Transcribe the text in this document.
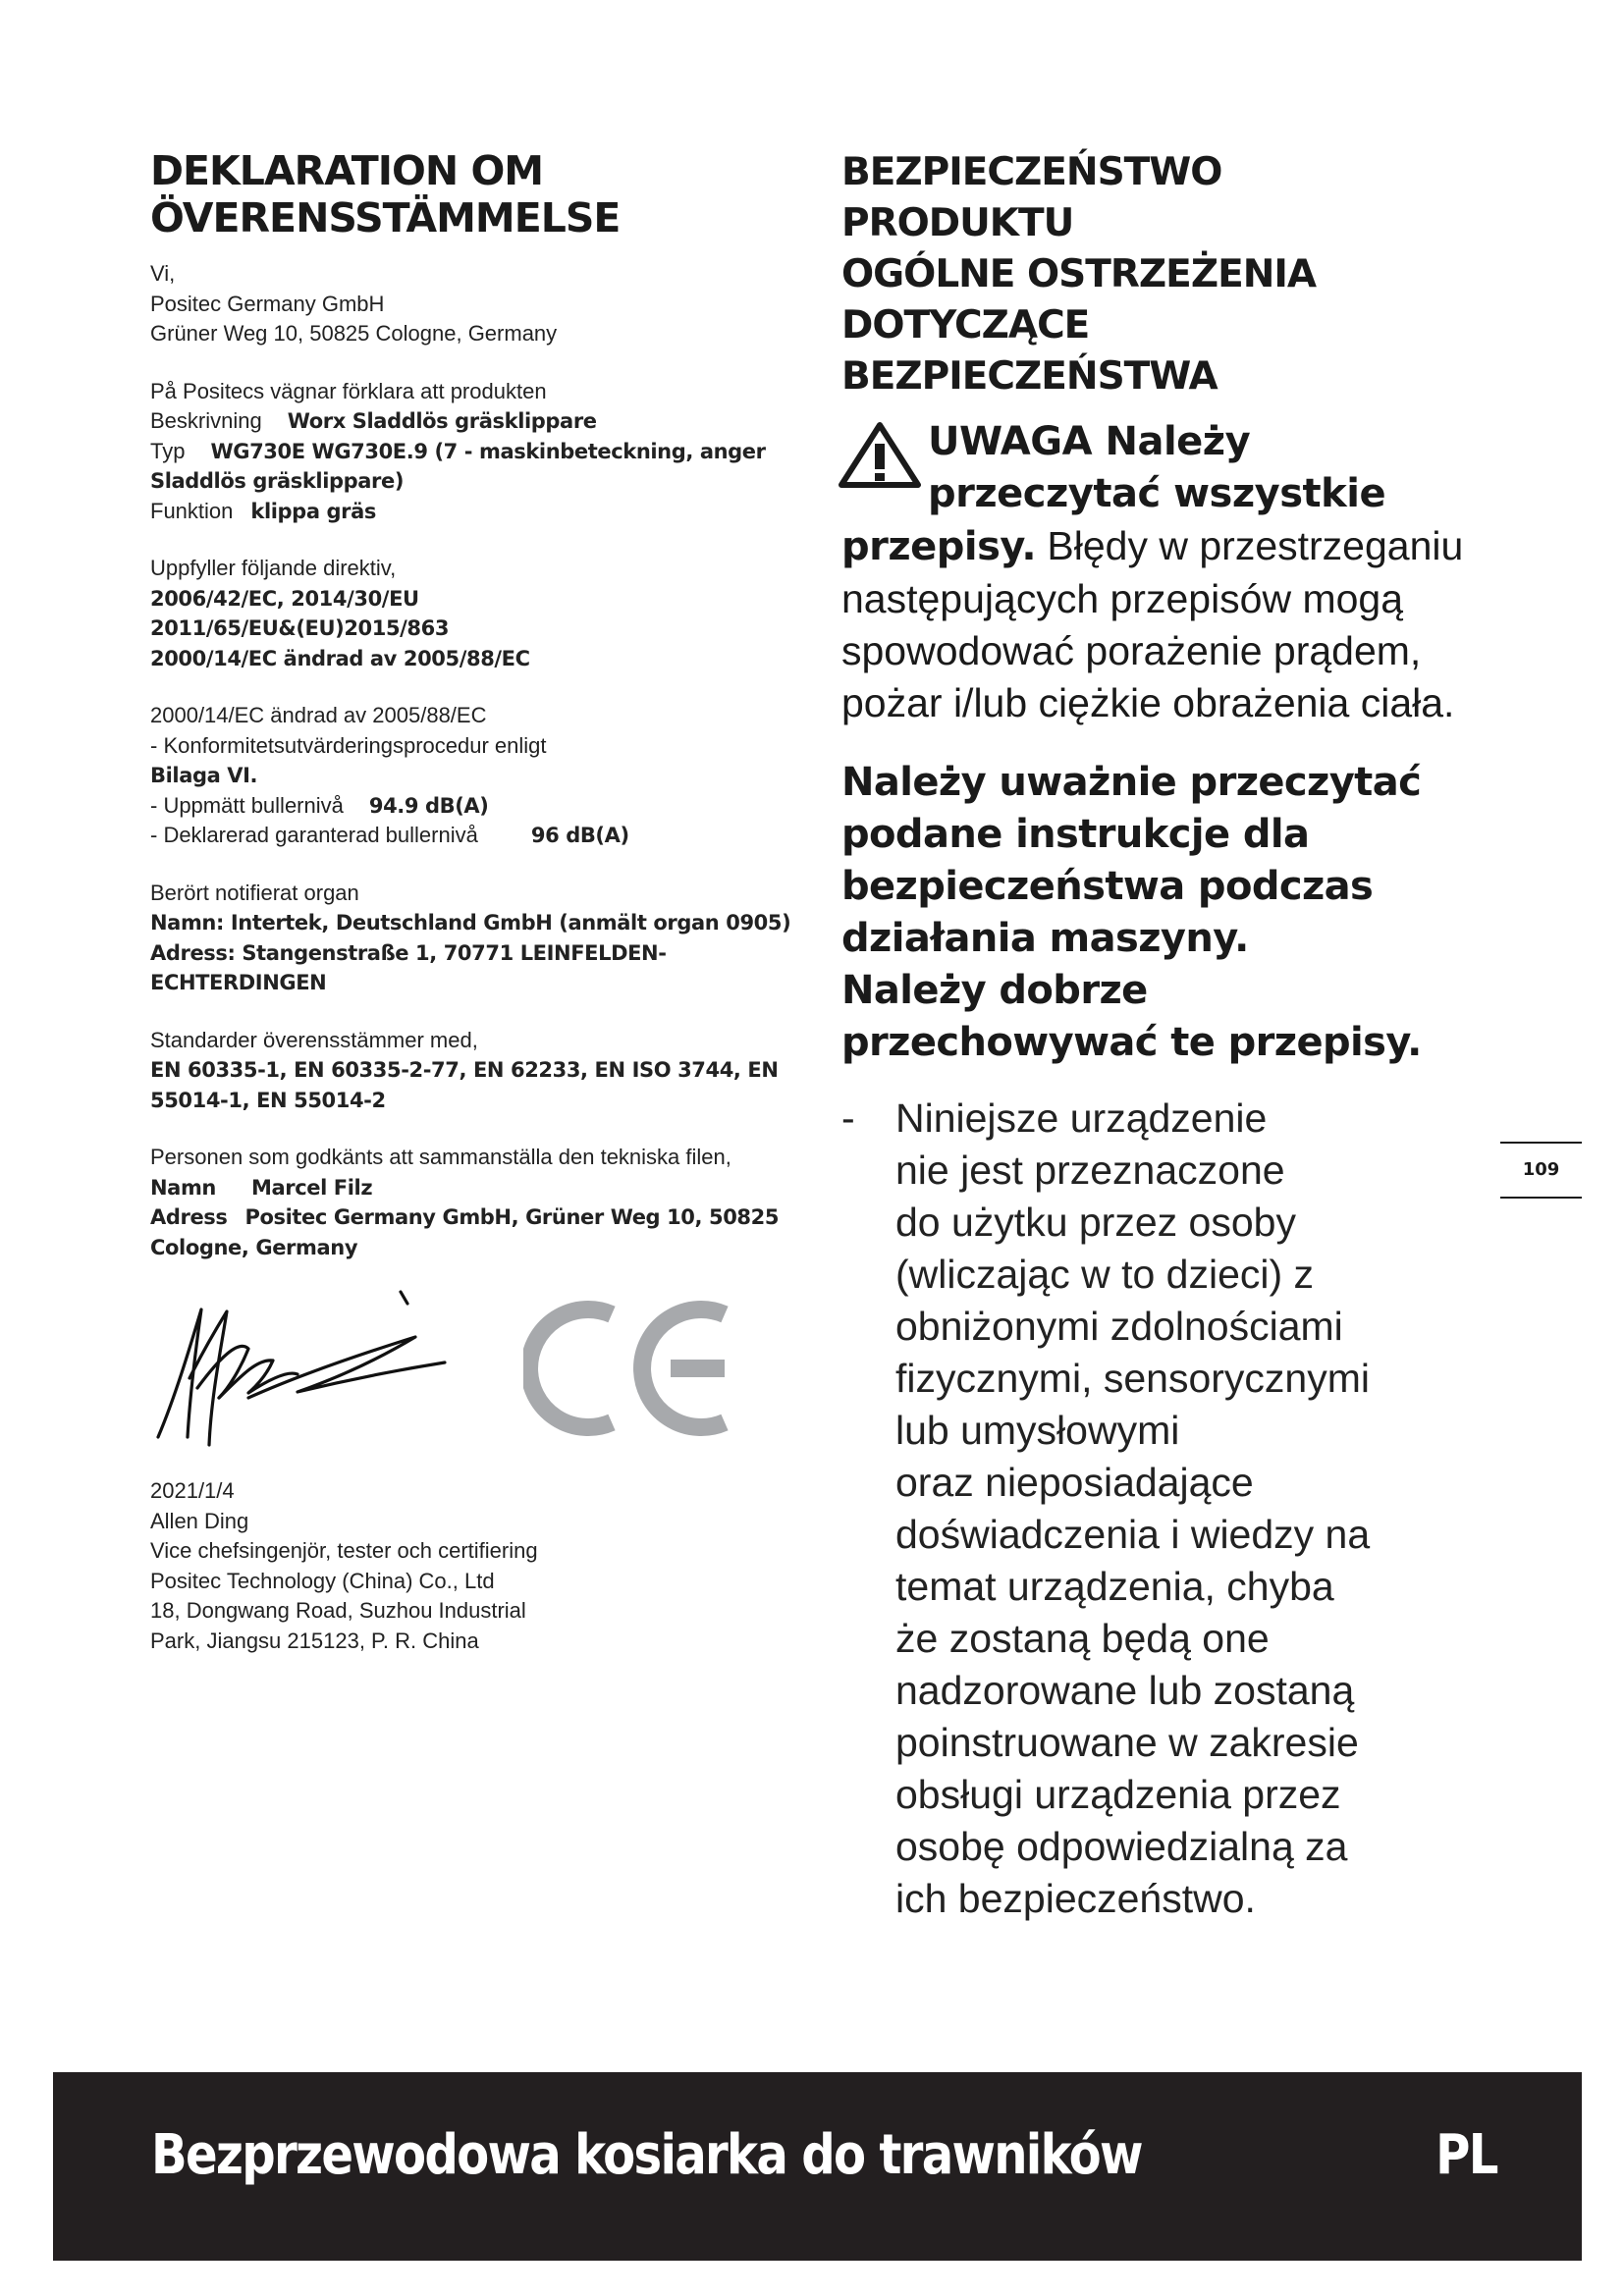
DEKLARATION OM
ÖVERENSSTÄMMELSE
Vi,
Positec Germany GmbH
Grüner Weg 10, 50825 Cologne, Germany
På Positecs vägnar förklara att produkten
Beskrivning Worx Sladdlös gräsklippare
Typ WG730E WG730E.9 (7 - maskinbeteckning, anger Sladdlös gräsklippare)
Funktion klippa gräs
Uppfyller följande direktiv,
2006/42/EC, 2014/30/EU
2011/65/EU&(EU)2015/863
2000/14/EC ändrad av 2005/88/EC
2000/14/EC ändrad av 2005/88/EC
- Konformitetsutvärderingsprocedur enligt
Bilaga VI.
- Uppmätt bullernivå 94.9 dB(A)
- Deklarerad garanterad bullernivå	96 dB(A)
Berört notifierat organ
Namn: Intertek, Deutschland GmbH (anmält organ 0905)
Adress: Stangenstraße 1, 70771 LEINFELDEN-ECHTERDINGEN
Standarder överensstämmer med,
EN 60335-1, EN 60335-2-77, EN 62233, EN ISO 3744, EN 55014-1, EN 55014-2
Personen som godkänts att sammanställa den tekniska filen,
Namn Marcel Filz
Adress Positec Germany GmbH, Grüner Weg 10, 50825 Cologne, Germany
2021/1/4
Allen Ding
Vice chefsingenjör, tester och certifiering
Positec Technology (China) Co., Ltd
18, Dongwang Road, Suzhou Industrial
Park, Jiangsu 215123, P. R. China
BEZPIECZEŃSTWO
PRODUKTU
OGÓLNE OSTRZEŻENIA
DOTYCZĄCE
BEZPIECZEŃSTWA
UWAGA Należy
przeczytać wszystkie
przepisy. Błędy w przestrzeganiu następujących przepisów mogą spowodować porażenie prądem, pożar i/lub ciężkie obrażenia ciała.
Należy uważnie przeczytać
podane instrukcje dla
bezpieczeństwa podczas
działania maszyny.
Należy dobrze
przechowywać te przepisy.
-	Niniejsze urządzenie
nie jest przeznaczone
do użytku przez osoby
(wliczając w to dzieci) z
obniżonymi zdolnościami
fizycznymi, sensorycznymi
lub umysłowymi
oraz nieposiadające
doświadczenia i wiedzy na
temat urządzenia, chyba
że zostaną będą one
nadzorowane lub zostaną
poinstruowane w zakresie
obsługi urządzenia przez
osobę odpowiedzialną za
ich bezpieczeństwo.
109
Bezprzewodowa kosiarka do trawników	PL
